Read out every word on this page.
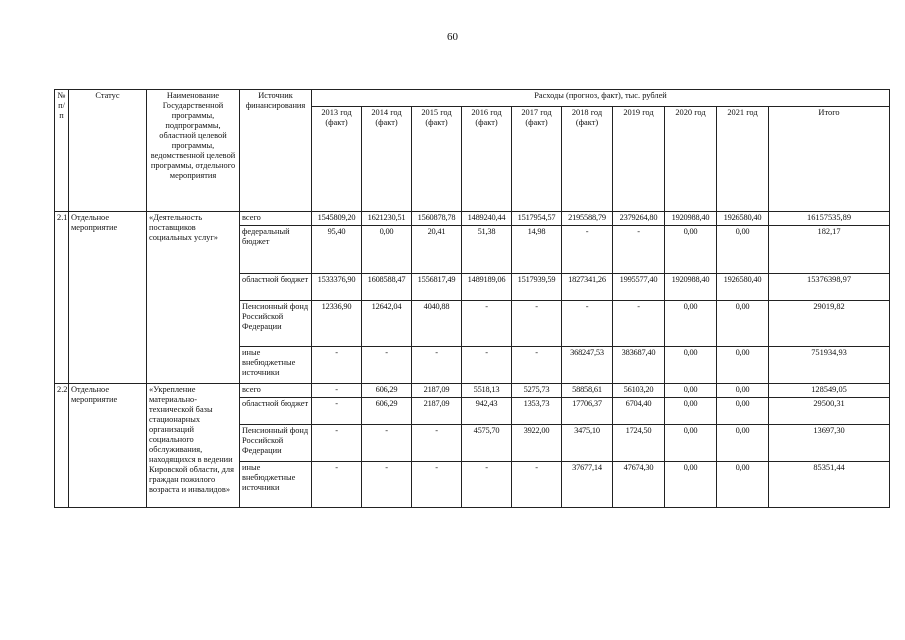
60
№ п/п	Статус	Наименование Государственной программы, подпрограммы, областной целевой программы, ведомственной целевой программы, отдельного мероприятия	Источник финансирования	Расходы (прогноз, факт), тыс. рублей									
				2013 год (факт)	2014 год (факт)	2015 год (факт)	2016 год (факт)	2017 год (факт)	2018 год (факт)	2019 год	2020 год	2021 год	Итого
2.1	Отдельное мероприятие	«Деятельность поставщиков социальных услуг»	всего	1545809,20	1621230,51	1560878,78	1489240,44	1517954,57	2195588,79	2379264,80	1920988,40	1926580,40	16157535,89
			федеральный бюджет	95,40	0,00	20,41	51,38	14,98	-	-	0,00	0,00	182,17
			областной бюджет	1533376,90	1608588,47	1556817,49	1489189,06	1517939,59	1827341,26	1995577,40	1920988,40	1926580,40	15376398,97
			Пенсионный фонд Российской Федерации	12336,90	12642,04	4040,88	-	-	-	-	0,00	0,00	29019,82
			иные внебюджетные источники	-	-	-	-	-	368247,53	383687,40	0,00	0,00	751934,93
2.2	Отдельное мероприятие	«Укрепление материально-технической базы стационарных организаций социального обслуживания, находящихся в ведении Кировской области, для граждан пожилого возраста и инвалидов»	всего	-	606,29	2187,09	5518,13	5275,73	58858,61	56103,20	0,00	0,00	128549,05
			областной бюджет	-	606,29	2187,09	942,43	1353,73	17706,37	6704,40	0,00	0,00	29500,31
			Пенсионный фонд Российской Федерации	-	-	-	4575,70	3922,00	3475,10	1724,50	0,00	0,00	13697,30
			иные внебюджетные источники	-	-	-	-	-	37677,14	47674,30	0,00	0,00	85351,44
